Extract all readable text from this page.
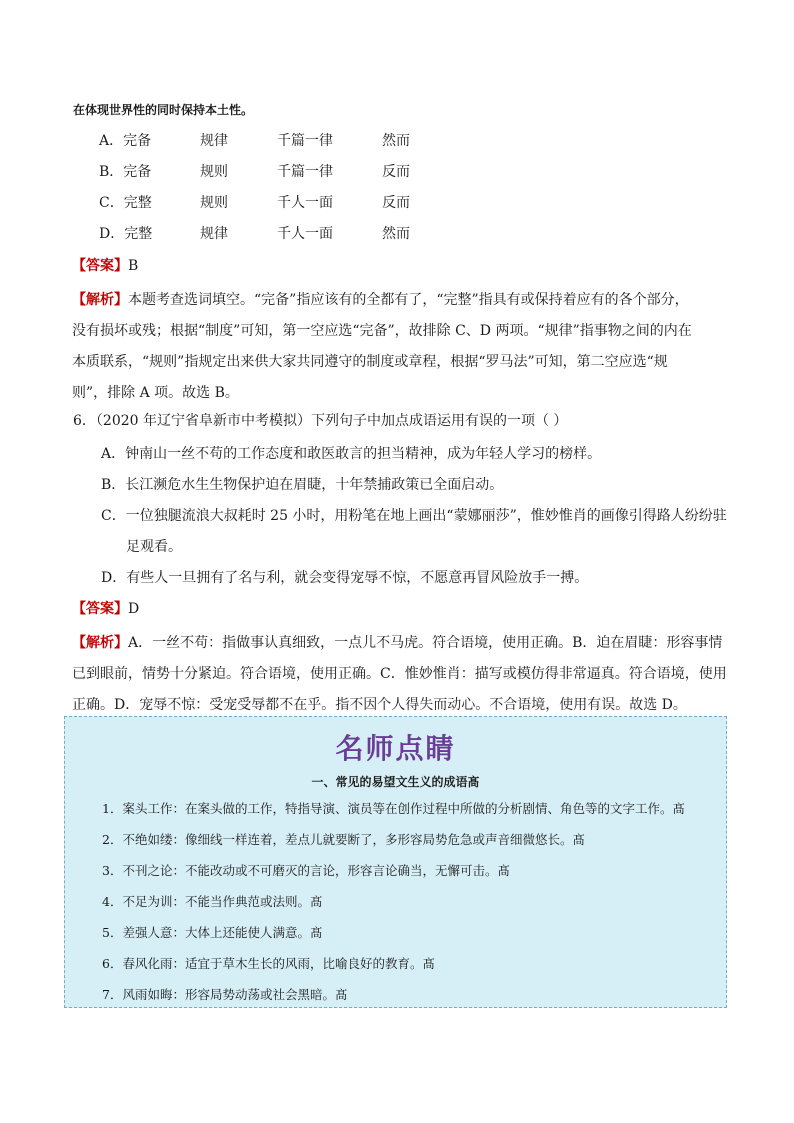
在体现世界性的同时保持本土性。
A．完备	规律	千篇一律	然而
B．完备	规则	千篇一律	反而
C．完整	规则	千人一面	反而
D．完整	规律	千人一面	然而
【答案】B

【解析】本题考查选词填空。“完备”指应该有的全都有了，“完整”指具有或保持着应有的各个部分，

没有损坏或残；根据“制度”可知，第一空应选“完备”，故排除 C、D 两项。“规律”指事物之间的内在

本质联系，“规则”指规定出来供大家共同遵守的制度或章程，根据“罗马法”可知，第二空应选“规

则”，排除 A 项。故选 B。

6．（2020 年辽宁省阜新市中考模拟）下列句子中加点成语运用有误的一项（ ）
A．钟南山一丝不苟的工作态度和敢医敢言的担当精神，成为年轻人学习的榜样。
B．长江濒危水生生物保护迫在眉睫，十年禁捕政策已全面启动。
C．一位独腿流浪大叔耗时 25 小时，用粉笔在地上画出“蒙娜丽莎”，惟妙惟肖的画像引得路人纷纷驻
足观看。
D．有些人一旦拥有了名与利，就会变得宠辱不惊，不愿意再冒风险放手一搏。
【答案】D

【解析】A．一丝不苟：指做事认真细致，一点儿不马虎。符合语境，使用正确。B．迫在眉睫：形容事情

已到眼前，情势十分紧迫。符合语境，使用正确。C．惟妙惟肖：描写或模仿得非常逼真。符合语境，使用

正确。D．宠辱不惊：受宠受辱都不在乎。指不因个人得失而动心。不合语境，使用有误。故选 D。

名师点睛
一、常见的易望文生义的成语髙
1．案头工作：在案头做的工作，特指导演、演员等在创作过程中所做的分析剧情、角色等的文字工作。髙
2．不绝如缕：像细线一样连着，差点儿就要断了，多形容局势危急或声音细微悠长。髙
3．不刊之论：不能改动或不可磨灭的言论，形容言论确当，无懈可击。髙
4．不足为训：不能当作典范或法则。髙
5．差强人意：大体上还能使人满意。髙
6．春风化雨：适宜于草木生长的风雨，比喻良好的教育。髙
7．风雨如晦：形容局势动荡或社会黑暗。髙
